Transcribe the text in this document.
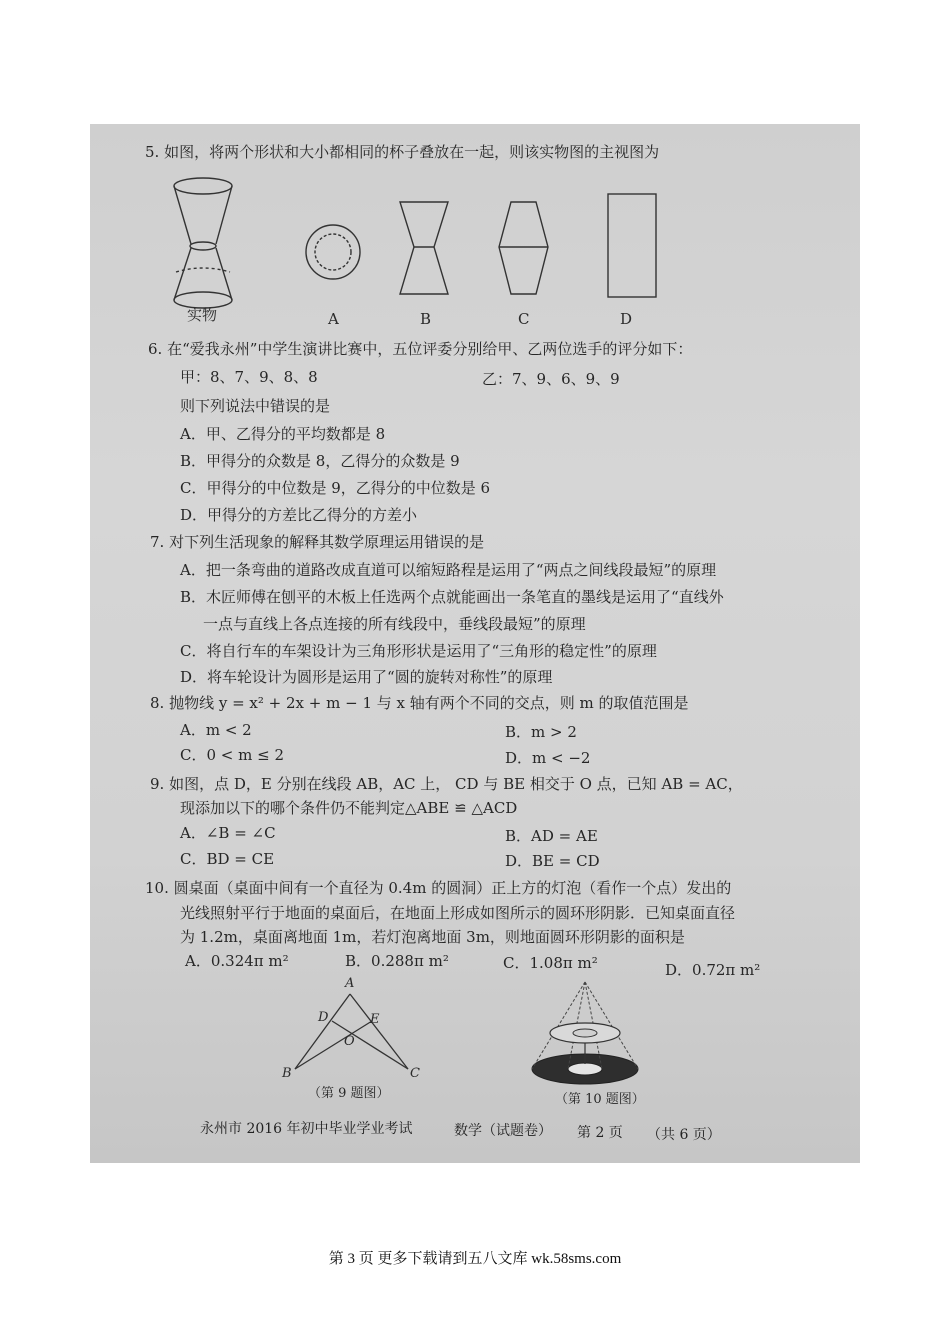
5. 如图，将两个形状和大小都相同的杯子叠放在一起，则该实物图的主视图为
实物	A	B	C	D
6. 在“爱我永州”中学生演讲比赛中，五位评委分别给甲、乙两位选手的评分如下：
甲：8、7、9、8、8	乙：7、9、6、9、9
则下列说法中错误的是
A．甲、乙得分的平均数都是 8
B．甲得分的众数是 8，乙得分的众数是 9
C．甲得分的中位数是 9，乙得分的中位数是 6
D．甲得分的方差比乙得分的方差小
7. 对下列生活现象的解释其数学原理运用错误的是
A．把一条弯曲的道路改成直道可以缩短路程是运用了“两点之间线段最短”的原理
B．木匠师傅在刨平的木板上任选两个点就能画出一条笔直的墨线是运用了“直线外
一点与直线上各点连接的所有线段中，垂线段最短”的原理
C．将自行车的车架设计为三角形形状是运用了“三角形的稳定性”的原理
D．将车轮设计为圆形是运用了“圆的旋转对称性”的原理
8. 抛物线 y = x² + 2x + m − 1 与 x 轴有两个不同的交点，则 m 的取值范围是
A．m < 2	B．m > 2
C．0 < m ≤ 2	D．m < −2
9. 如图，点 D，E 分别在线段 AB，AC 上， CD 与 BE 相交于 O 点，已知 AB = AC，
现添加以下的哪个条件仍不能判定△ABE ≌ △ACD
A．∠B = ∠C	B．AD = AE
C．BD = CE	D．BE = CD
10. 圆桌面（桌面中间有一个直径为 0.4m 的圆洞）正上方的灯泡（看作一个点）发出的
光线照射平行于地面的桌面后，在地面上形成如图所示的圆环形阴影．已知桌面直径
为 1.2m，桌面离地面 1m，若灯泡离地面 3m，则地面圆环形阴影的面积是
A．0.324π m²	B．0.288π m²	C．1.08π m²	D．0.72π m²
A
D	E
O
B	C
（第 9 题图）	（第 10 题图）
永州市 2016 年初中毕业学业考试	数学（试题卷） 第 2 页 （共 6 页）
第 3 页 更多下载请到五八文库 wk.58sms.com
